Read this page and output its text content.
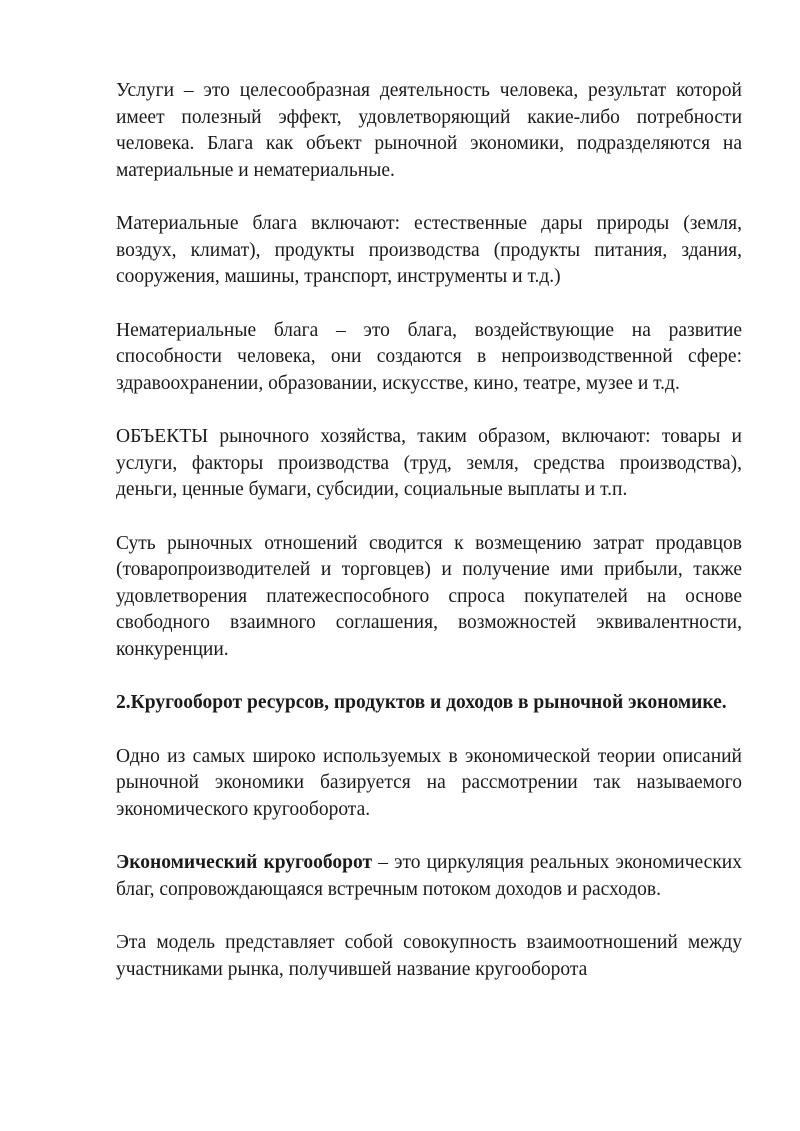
Услуги – это целесообразная деятельность человека, результат которой имеет полезный эффект, удовлетворяющий какие-либо потребности человека. Блага как объект рыночной экономики, подразделяются на материальные и нематериальные.

Материальные блага включают: естественные дары природы (земля, воздух, климат), продукты производства (продукты питания, здания, сооружения, машины, транспорт, инструменты и т.д.)

Нематериальные блага – это блага, воздействующие на развитие способности человека, они создаются в непроизводственной сфере: здравоохранении, образовании, искусстве, кино, театре, музее и т.д.

ОБЪЕКТЫ рыночного хозяйства, таким образом, включают: товары и услуги, факторы производства (труд, земля, средства производства), деньги, ценные бумаги, субсидии, социальные выплаты и т.п.

Суть рыночных отношений сводится к возмещению затрат продавцов (товаропроизводителей и торговцев) и получение ими прибыли, также удовлетворения платежеспособного спроса покупателей на основе свободного взаимного соглашения, возможностей эквивалентности, конкуренции.

2.Кругооборот ресурсов, продуктов и доходов в рыночной экономике.

Одно из самых широко используемых в экономической теории описаний рыночной экономики базируется на рассмотрении так называемого экономического кругооборота.

Экономический кругооборот – это циркуляция реальных экономических благ, сопровождающаяся встречным потоком доходов и расходов.

Эта модель представляет собой совокупность взаимоотношений между участниками рынка, получившей название кругооборота
